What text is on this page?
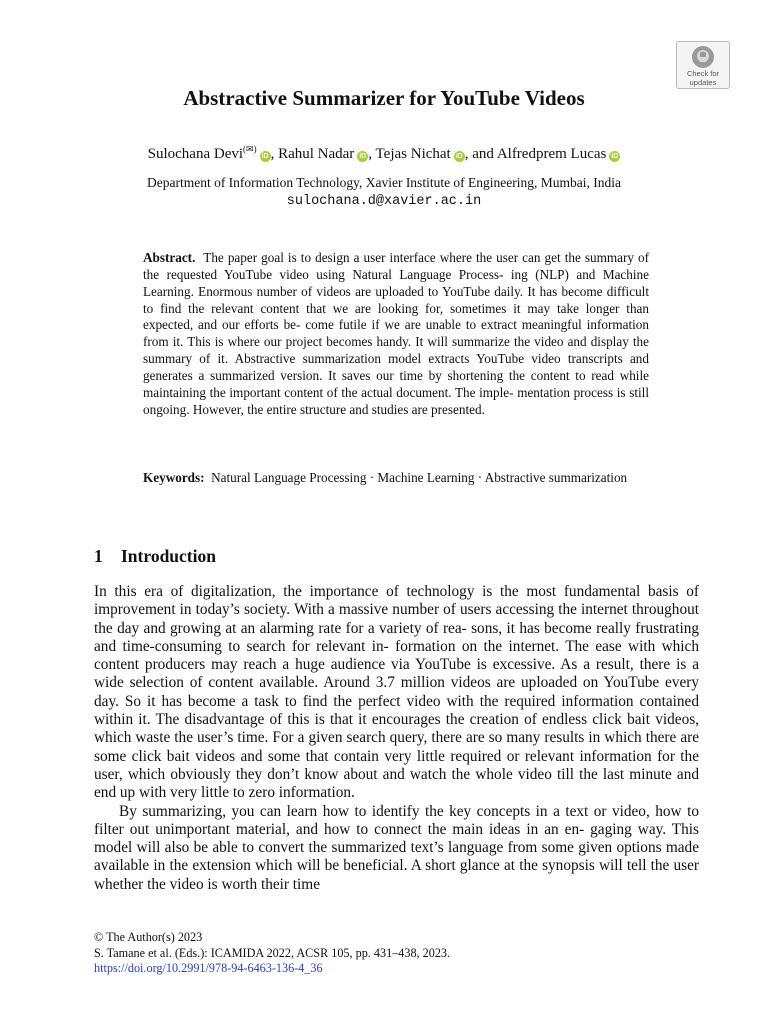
Check for
updates
Abstractive Summarizer for YouTube Videos
Sulochana Devi(✉)iD , Rahul Nadar iD , Tejas Nichat iD , and Alfredprem Lucas iD
Department of Information Technology, Xavier Institute of Engineering, Mumbai, India
sulochana.d@xavier.ac.in
Abstract. The paper goal is to design a user interface where the user can get the summary of the requested YouTube video using Natural Language Process- ing (NLP) and Machine Learning. Enormous number of videos are uploaded to YouTube daily. It has become difficult to find the relevant content that we are looking for, sometimes it may take longer than expected, and our efforts be- come futile if we are unable to extract meaningful information from it. This is where our project becomes handy. It will summarize the video and display the summary of it. Abstractive summarization model extracts YouTube video transcripts and generates a summarized version. It saves our time by shortening the content to read while maintaining the important content of the actual document. The imple- mentation process is still ongoing. However, the entire structure and studies are presented.
Keywords: Natural Language Processing · Machine Learning · Abstractive summarization
1 Introduction

In this era of digitalization, the importance of technology is the most fundamental basis of improvement in today’s society. With a massive number of users accessing the internet throughout the day and growing at an alarming rate for a variety of rea- sons, it has become really frustrating and time-consuming to search for relevant in- formation on the internet. The ease with which content producers may reach a huge audience via YouTube is excessive. As a result, there is a wide selection of content available. Around 3.7 million videos are uploaded on YouTube every day. So it has become a task to find the perfect video with the required information contained within it. The disadvantage of this is that it encourages the creation of endless click bait videos, which waste the user’s time. For a given search query, there are so many results in which there are some click bait videos and some that contain very little required or relevant information for the user, which obviously they don’t know about and watch the whole video till the last minute and end up with very little to zero information.

By summarizing, you can learn how to identify the key concepts in a text or video, how to filter out unimportant material, and how to connect the main ideas in an en- gaging way. This model will also be able to convert the summarized text’s language from some given options made available in the extension which will be beneficial. A short glance at the synopsis will tell the user whether the video is worth their time

© The Author(s) 2023
S. Tamane et al. (Eds.): ICAMIDA 2022, ACSR 105, pp. 431–438, 2023.
https://doi.org/10.2991/978-94-6463-136-4_36
